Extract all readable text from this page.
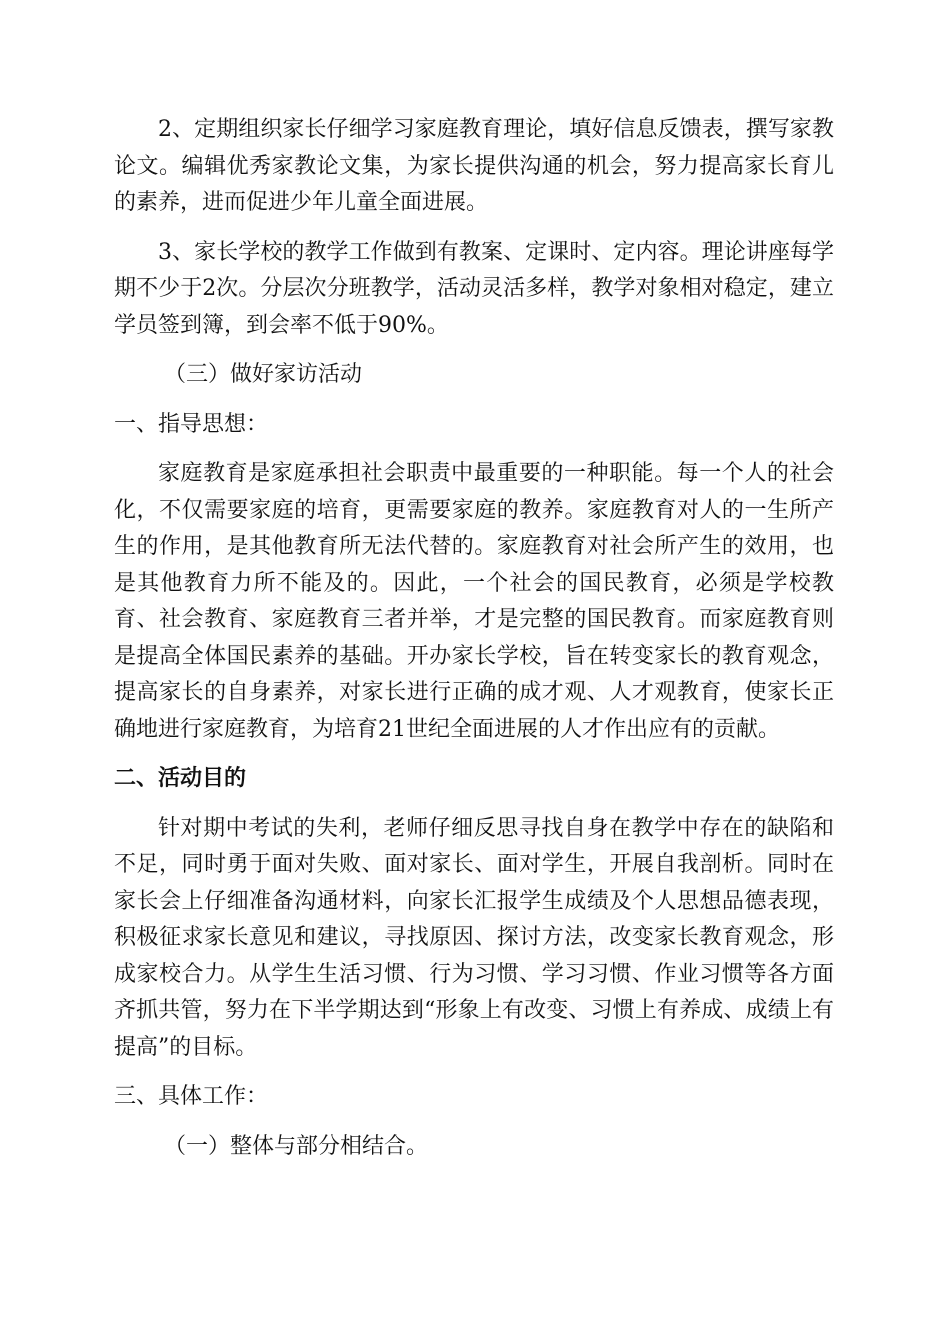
2、定期组织家长仔细学习家庭教育理论，填好信息反馈表，撰写家教论文。编辑优秀家教论文集，为家长提供沟通的机会，努力提高家长育儿的素养，进而促进少年儿童全面进展。

3、家长学校的教学工作做到有教案、定课时、定内容。理论讲座每学期不少于2次。分层次分班教学，活动灵活多样，教学对象相对稳定，建立学员签到簿，到会率不低于90%。

（三）做好家访活动

一、指导思想：

家庭教育是家庭承担社会职责中最重要的一种职能。每一个人的社会化，不仅需要家庭的培育，更需要家庭的教养。家庭教育对人的一生所产生的作用，是其他教育所无法代替的。家庭教育对社会所产生的效用，也是其他教育力所不能及的。因此，一个社会的国民教育，必须是学校教育、社会教育、家庭教育三者并举，才是完整的国民教育。而家庭教育则是提高全体国民素养的基础。开办家长学校，旨在转变家长的教育观念，提高家长的自身素养，对家长进行正确的成才观、人才观教育，使家长正确地进行家庭教育，为培育21世纪全面进展的人才作出应有的贡献。

二、活动目的

针对期中考试的失利，老师仔细反思寻找自身在教学中存在的缺陷和不足，同时勇于面对失败、面对家长、面对学生，开展自我剖析。同时在家长会上仔细准备沟通材料，向家长汇报学生成绩及个人思想品德表现，积极征求家长意见和建议，寻找原因、探讨方法，改变家长教育观念，形成家校合力。从学生生活习惯、行为习惯、学习习惯、作业习惯等各方面齐抓共管，努力在下半学期达到“形象上有改变、习惯上有养成、成绩上有提高”的目标。

三、具体工作：

（一）整体与部分相结合。
